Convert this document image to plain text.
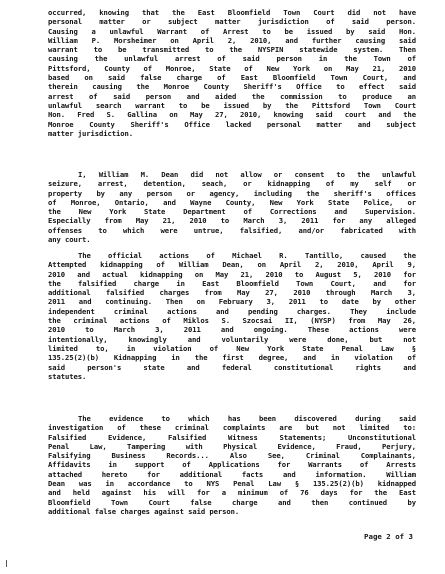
occurred, knowing that the East Bloomfield Town Court did not have
personal matter or subject matter jurisdiction of said person.
Causing a unlawful Warrant of Arrest to be issued by said Hon.
William P. Morsheimer on April 2, 2010, and further causing said
warrant to be transmitted to the NYSPIN statewide system. Then
causing the unlawful arrest of said person in the Town of
Pittsford, County of Monroe, State of New York on May 21, 2010
based on said false charge of East Bloomfield Town Court, and
therein causing the Monroe County Sheriff's Office to effect said
arrest of said person and aided the commission to produce an
unlawful search warrant to be issued by the Pittsford Town Court
Hon. Fred S. Gallina on May 27, 2010, knowing said court and the
Monroe County Sheriff's Office lacked personal matter and subject
matter jurisdiction.
I, William M. Dean did not allow or consent to the unlawful
seizure, arrest, detention, seach, or kidnapping of my self or
property by any person or agency, including the sheriff's offices
of Monroe, Ontario, and Wayne County, New York State Police, or
the New York State Department of Corrections and Supervision.
Especially from May 21, 2010 to March 3, 2011 for any alleged
offenses to which were untrue, falsified, and/or fabricated with
any court.
The official actions of Michael R. Tantillo, caused the
Attempted kidnapping of William Dean, on April 2, 2010, April 9,
2010 and actual kidnapping on May 21, 2010 to August 5, 2010 for
the falsified charge in East Bloomfield Town Court, and for
additional falsified charges from May 27, 2010 through March 3,
2011 and continuing. Then on February 3, 2011 to date by other
independent criminal actions and pending charges. They include
the criminal actions of Miklos S. Szocsai II, (NYSP) from May 26,
2010 to March 3, 2011 and ongoing. These actions were
intentionally, knowingly and voluntarily were done, but not
limited to, in violation of New York State Penal Law §
135.25(2)(b) Kidnapping in the first degree, and in violation of
said person's state and federal constitutional rights and
statutes.
The evidence to which has been discovered during said
investigation of these criminal complaints are but not limited to:
Falsified Evidence, Falsified Witness Statements; Unconstitutional
Penal Law, Tampering with Physical Evidence, Fraud, Perjury,
Falsifying Business Records... Also See, Criminal Complainants,
Affidavits in support of Applications for Warrants of Arrests
attached hereto for additional facts and information. William
Dean was in accordance to NYS Penal Law § 135.25(2)(b) kidnapped
and held against his will for a minimum of 76 days for the East
Bloomfield Town Court false charge and then continued by
additional false charges against said person.
Page 2 of 3
